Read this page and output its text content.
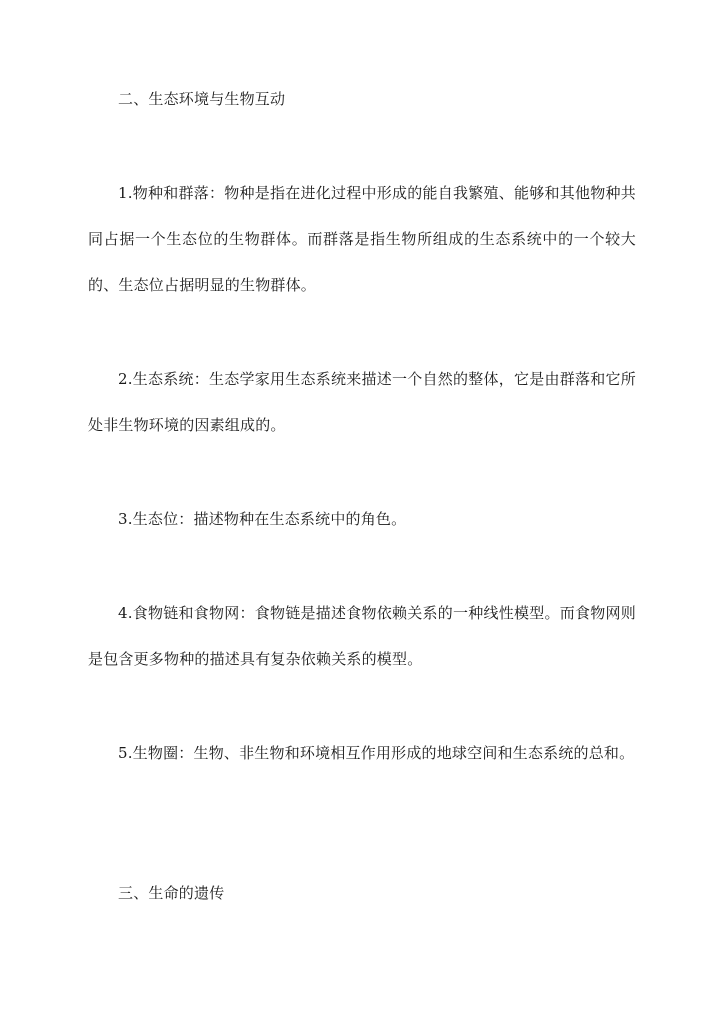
二、生态环境与生物互动

1.物种和群落：物种是指在进化过程中形成的能自我繁殖、能够和其他物种共同占据一个生态位的生物群体。而群落是指生物所组成的生态系统中的一个较大的、生态位占据明显的生物群体。

2.生态系统：生态学家用生态系统来描述一个自然的整体，它是由群落和它所处非生物环境的因素组成的。

3.生态位：描述物种在生态系统中的角色。

4.食物链和食物网：食物链是描述食物依赖关系的一种线性模型。而食物网则是包含更多物种的描述具有复杂依赖关系的模型。

5.生物圈：生物、非生物和环境相互作用形成的地球空间和生态系统的总和。

三、生命的遗传
